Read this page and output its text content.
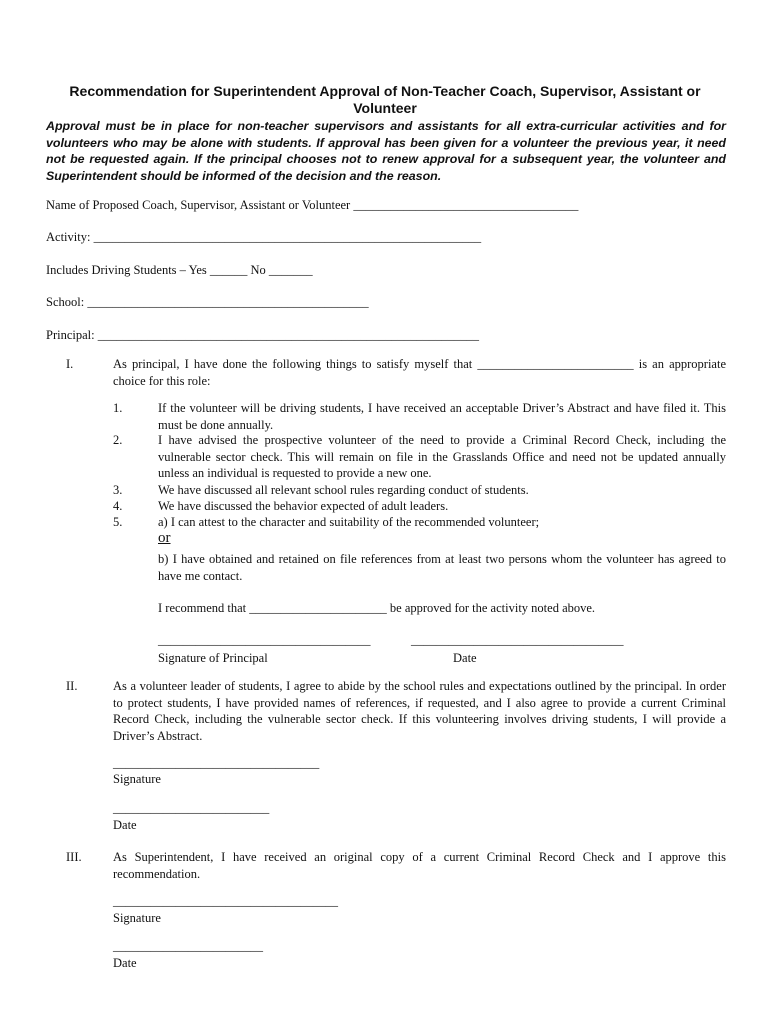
Recommendation for Superintendent Approval of Non-Teacher Coach, Supervisor, Assistant or Volunteer
Approval must be in place for non-teacher supervisors and assistants for all extra-curricular activities and for volunteers who may be alone with students. If approval has been given for a volunteer the previous year, it need not be requested again. If the principal chooses not to renew approval for a subsequent year, the volunteer and Superintendent should be informed of the decision and the reason.
Name of Proposed Coach, Supervisor, Assistant or Volunteer ____________________________________
Activity: ______________________________________________________________
Includes Driving Students – Yes ______ No _______
School: _____________________________________________
Principal: _____________________________________________________________
I.	As principal, I have done the following things to satisfy myself that _________________________ is an appropriate choice for this role:
1.	If the volunteer will be driving students, I have received an acceptable Driver’s Abstract and have filed it. This must be done annually.
2.	I have advised the prospective volunteer of the need to provide a Criminal Record Check, including the vulnerable sector check. This will remain on file in the Grasslands Office and need not be updated annually unless an individual is requested to provide a new one.
3.	We have discussed all relevant school rules regarding conduct of students.
4.	We have discussed the behavior expected of adult leaders.
5.	a) I can attest to the character and suitability of the recommended volunteer;
or
b) I have obtained and retained on file references from at least two persons whom the volunteer has agreed to have me contact.
I recommend that ______________________ be approved for the activity noted above.
__________________________________	__________________________________
Signature of Principal	Date
II.	As a volunteer leader of students, I agree to abide by the school rules and expectations outlined by the principal. In order to protect students, I have provided names of references, if requested, and I also agree to provide a current Criminal Record Check, including the vulnerable sector check. If this volunteering involves driving students, I will provide a Driver’s Abstract.
_________________________________
Signature
_________________________
Date
III.	As Superintendent, I have received an original copy of a current Criminal Record Check and I approve this recommendation.
____________________________________
Signature
________________________
Date
